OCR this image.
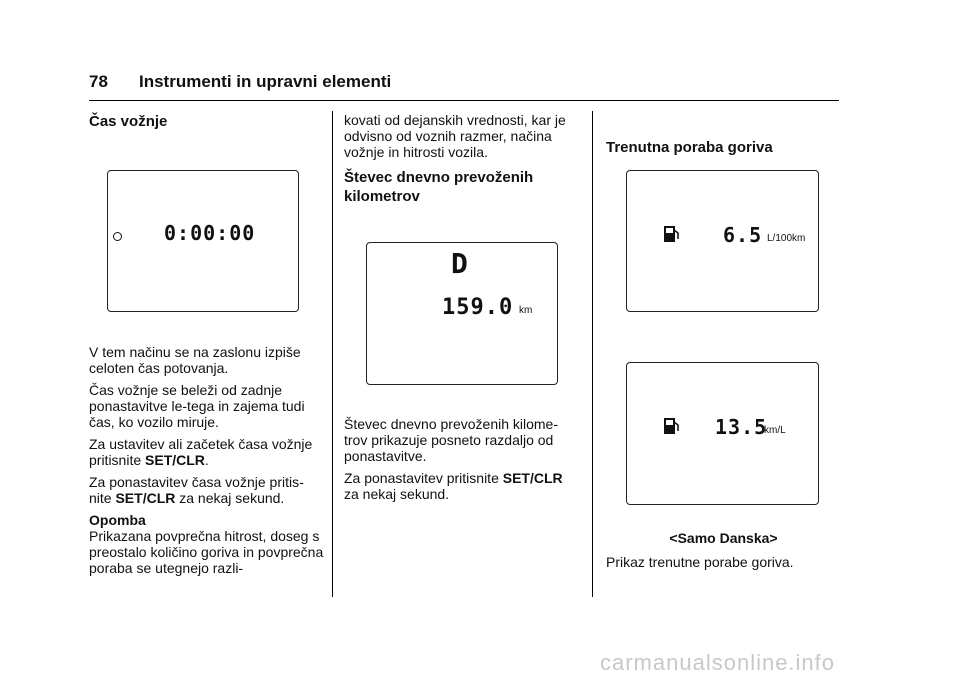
78 Instrumenti in upravni elementi
Čas vožnje
0:00:00

V tem načinu se na zaslonu izpiše celoten čas potovanja.

Čas vožnje se beleži od zadnje ponastavitve le-tega in zajema tudi čas, ko vozilo miruje.

Za ustavitev ali začetek časa vožnje pritisnite SET/CLR.

Za ponastavitev časa vožnje pritis-nite SET/CLR za nekaj sekund.

Opomba

Prikazana povprečna hitrost, doseg s preostalo količino goriva in povprečna poraba se utegnejo razli-

kovati od dejanskih vrednosti, kar je odvisno od voznih razmer, načina vožnje in hitrosti vozila.
Števec dnevno prevoženih kilometrov
D
159.0 km

Števec dnevno prevoženih kilome-trov prikazuje posneto razdaljo od ponastavitve.

Za ponastavitev pritisnite SET/CLR za nekaj sekund.

Trenutna poraba goriva
6.5 L/100km
13.5
km/L
<Samo Danska>
Prikaz trenutne porabe goriva.
carmanualsonline.info
